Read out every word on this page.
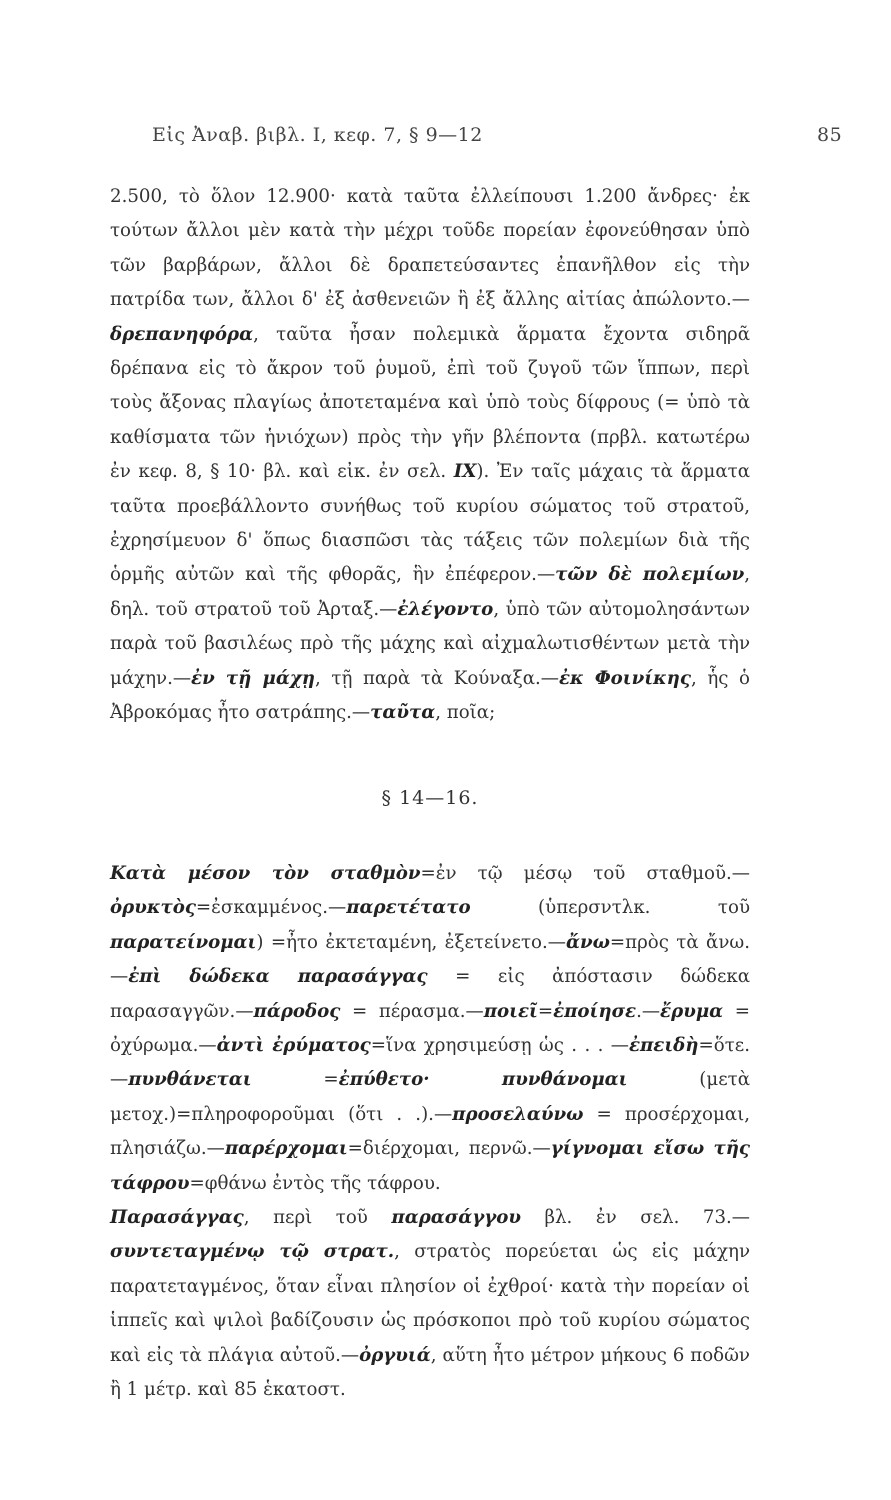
Εἰς Ἀναβ. βιβλ. Ι, κεφ. 7, § 9—12	85

2.500, τὸ ὅλον 12.900· κατὰ ταῦτα ἐλλείπουσι 1.200 ἄνδρες· ἐκ τούτων ἄλλοι μὲν κατὰ τὴν μέχρι τοῦδε πορείαν ἐφονεύθησαν ὑπὸ τῶν βαρβάρων, ἄλλοι δὲ δραπετεύσαντες ἐπανῆλθον εἰς τὴν πατρίδα των, ἄλλοι δ' ἐξ ἀσθενειῶν ἢ ἐξ ἄλλης αἰτίας ἀπώλοντο.—δρεπανηφόρα, ταῦτα ἦσαν πολεμικὰ ἅρματα ἔχοντα σιδηρᾶ δρέπανα εἰς τὸ ἄκρον τοῦ ῥυμοῦ, ἐπὶ τοῦ ζυγοῦ τῶν ἵππων, περὶ τοὺς ἄξονας πλαγίως ἀποτεταμένα καὶ ὑπὸ τοὺς δίφρους (= ὑπὸ τὰ καθίσματα τῶν ἡνιόχων) πρὸς τὴν γῆν βλέποντα (πρβλ. κατωτέρω ἐν κεφ. 8, § 10· βλ. καὶ εἰκ. ἐν σελ. IX). Ἐν ταῖς μάχαις τὰ ἅρματα ταῦτα προεβάλλοντο συνήθως τοῦ κυρίου σώματος τοῦ στρατοῦ, ἐχρησίμευον δ' ὅπως διασπῶσι τὰς τάξεις τῶν πολεμίων διὰ τῆς ὁρμῆς αὐτῶν καὶ τῆς φθορᾶς, ἣν ἐπέφερον.—τῶν δὲ πολεμίων, δηλ. τοῦ στρατοῦ τοῦ Ἀρταξ.—ἐλέγοντο, ὑπὸ τῶν αὐτομολησάντων παρὰ τοῦ βασιλέως πρὸ τῆς μάχης καὶ αἰχμαλωτισθέντων μετὰ τὴν μάχην.—ἐν τῇ μάχῃ, τῇ παρὰ τὰ Κούναξα.—ἐκ Φοινίκης, ἧς ὁ Ἀβροκόμας ἦτο σατράπης.—ταῦτα, ποῖα;

§ 14—16.

Κατὰ μέσον τὸν σταθμὸν=ἐν τῷ μέσῳ τοῦ σταθμοῦ.—ὀρυκτὸς=ἐσκαμμένος.—παρετέτατο (ὑπερσντλκ. τοῦ παρατείνομαι) =ἦτο ἐκτεταμένη, ἐξετείνετο.—ἄνω=πρὸς τὰ ἄνω.—ἐπὶ δώδεκα παρασάγγας = εἰς ἀπόστασιν δώδεκα παρασαγγῶν.—πάροδος = πέρασμα.—ποιεῖ=ἐποίησε.—ἔρυμα = ὀχύρωμα.—ἀντὶ ἐρύματος=ἵνα χρησιμεύσῃ ὡς . . . —ἐπειδὴ=ὅτε.—πυνθάνεται =ἐπύθετο· πυνθάνομαι (μετὰ μετοχ.)=πληροφοροῦμαι (ὅτι . .).—προσελαύνω = προσέρχομαι, πλησιάζω.—παρέρχομαι=διέρχομαι, περνῶ.—γίγνομαι εἴσω τῆς τάφρου=φθάνω ἐντὸς τῆς τάφρου.

Παρασάγγας, περὶ τοῦ παρασάγγου βλ. ἐν σελ. 73.—συντεταγμένῳ τῷ στρατ., στρατὸς πορεύεται ὡς εἰς μάχην παρατεταγμένος, ὅταν εἶναι πλησίον οἱ ἐχθροί· κατὰ τὴν πορείαν οἱ ἱππεῖς καὶ ψιλοὶ βαδίζουσιν ὡς πρόσκοποι πρὸ τοῦ κυρίου σώματος καὶ εἰς τὰ πλάγια αὐτοῦ.—ὀργυιά, αὕτη ἦτο μέτρον μήκους 6 ποδῶν ἢ 1 μέτρ. καὶ 85 ἑκατοστ.
